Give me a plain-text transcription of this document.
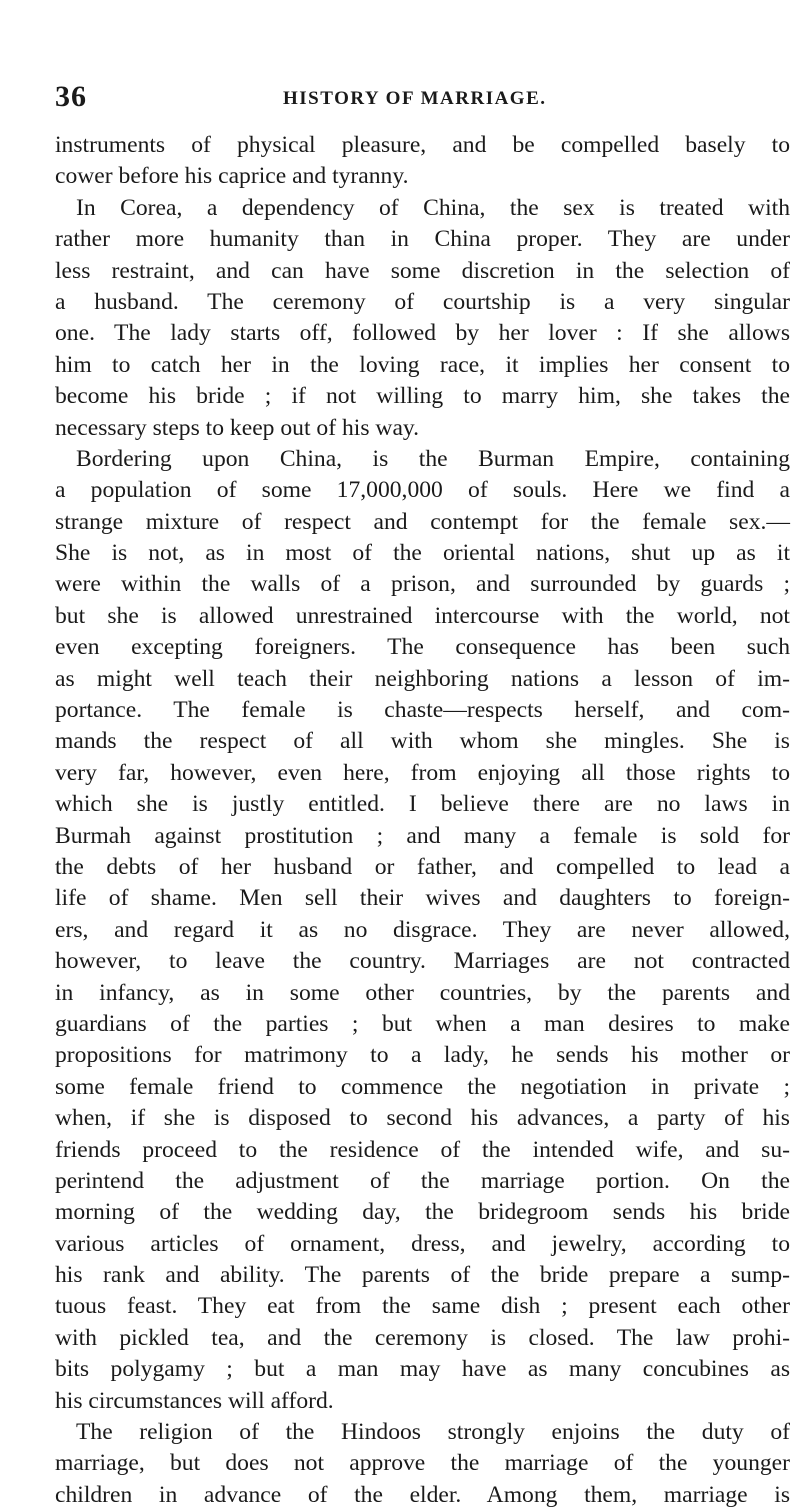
36	HISTORY OF MARRIAGE.
instruments of physical pleasure, and be compelled basely to
cower before his caprice and tyranny.
In Corea, a dependency of China, the sex is treated with
rather more humanity than in China proper. They are under
less restraint, and can have some discretion in the selection of
a husband. The ceremony of courtship is a very singular
one. The lady starts off, followed by her lover : If she allows
him to catch her in the loving race, it implies her consent to
become his bride ; if not willing to marry him, she takes the
necessary steps to keep out of his way.
Bordering upon China, is the Burman Empire, containing
a population of some 17,000,000 of souls. Here we find a
strange mixture of respect and contempt for the female sex.—
She is not, as in most of the oriental nations, shut up as it
were within the walls of a prison, and surrounded by guards ;
but she is allowed unrestrained intercourse with the world, not
even excepting foreigners. The consequence has been such
as might well teach their neighboring nations a lesson of im-
portance. The female is chaste—respects herself, and com-
mands the respect of all with whom she mingles. She is
very far, however, even here, from enjoying all those rights to
which she is justly entitled. I believe there are no laws in
Burmah against prostitution ; and many a female is sold for
the debts of her husband or father, and compelled to lead a
life of shame. Men sell their wives and daughters to foreign-
ers, and regard it as no disgrace. They are never allowed,
however, to leave the country. Marriages are not contracted
in infancy, as in some other countries, by the parents and
guardians of the parties ; but when a man desires to make
propositions for matrimony to a lady, he sends his mother or
some female friend to commence the negotiation in private ;
when, if she is disposed to second his advances, a party of his
friends proceed to the residence of the intended wife, and su-
perintend the adjustment of the marriage portion. On the
morning of the wedding day, the bridegroom sends his bride
various articles of ornament, dress, and jewelry, according to
his rank and ability. The parents of the bride prepare a sump-
tuous feast. They eat from the same dish ; present each other
with pickled tea, and the ceremony is closed. The law prohi-
bits polygamy ; but a man may have as many concubines as
his circumstances will afford.
The religion of the Hindoos strongly enjoins the duty of
marriage, but does not approve the marriage of the younger
children in advance of the elder. Among them, marriage is
